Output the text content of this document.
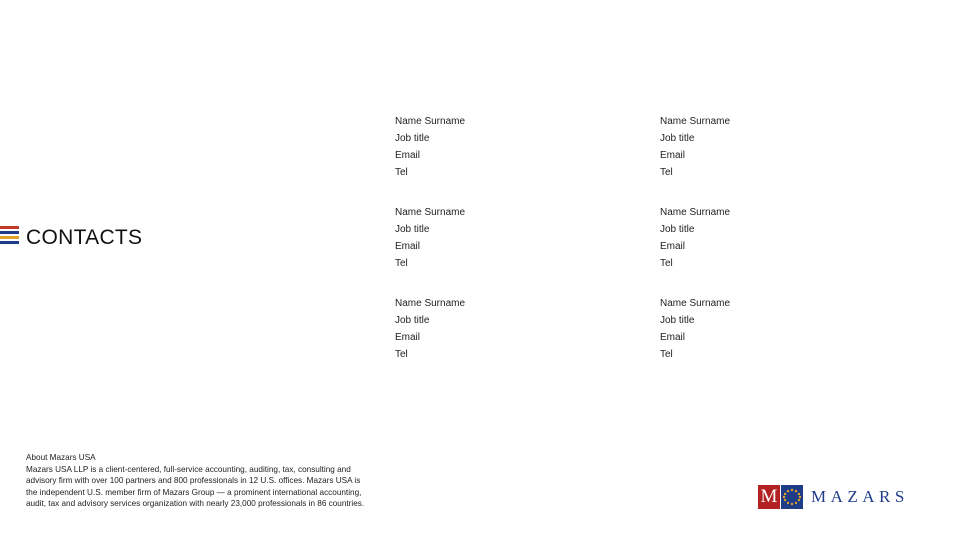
CONTACTS
Name Surname
Job title
Email
Tel
Name Surname
Job title
Email
Tel
Name Surname
Job title
Email
Tel
Name Surname
Job title
Email
Tel
Name Surname
Job title
Email
Tel
Name Surname
Job title
Email
Tel
About Mazars USA
Mazars USA LLP is a client-centered, full-service accounting, auditing, tax, consulting and advisory firm with over 100 partners and 800 professionals in 12 U.S. offices. Mazars USA is the independent U.S. member firm of Mazars Group — a prominent international accounting, audit, tax and advisory services organization with nearly 23,000 professionals in 86 countries.	M MAZARS
